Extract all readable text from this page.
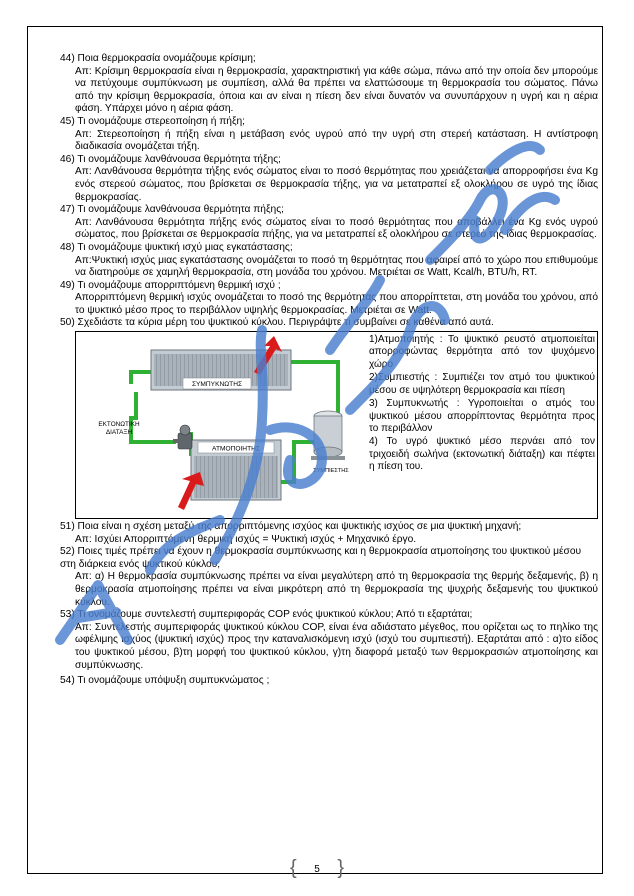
44) Ποια θερμοκρασία ονομάζουμε κρίσιμη;

Απ: Κρίσιμη θερμοκρασία είναι η θερμοκρασία, χαρακτηριστική για κάθε σώμα, πάνω από την οποία δεν μπορούμε να πετύχουμε συμπύκνωση με συμπίεση, αλλά θα πρέπει να ελαττώσουμε τη θερμοκρασία του σώματος. Πάνω από την κρίσιμη θερμοκρασία, όποια και αν είναι η πίεση δεν είναι δυνατόν να συνυπάρχουν η υγρή και η αέρια φάση. Υπάρχει μόνο η αέρια φάση.

45) Τι ονομάζουμε στερεοποίηση ή πήξη;

Απ: Στερεοποίηση ή πήξη είναι η μετάβαση ενός υγρού από την υγρή στη στερεή κατάσταση. Η αντίστροφη διαδικασία ονομάζεται τήξη.

46) Τι ονομάζουμε λανθάνουσα θερμότητα τήξης;

Απ: Λανθάνουσα θερμότητα τήξης ενός σώματος είναι το ποσό θερμότητας που χρειάζεται να απορροφήσει ένα Kg ενός στερεού σώματος, που βρίσκεται σε θερμοκρασία τήξης, για να μετατραπεί εξ ολοκλήρου σε υγρό της ίδιας θερμοκρασίας.

47) Τι ονομάζουμε λανθάνουσα θερμότητα πήξης;

Απ: Λανθάνουσα θερμότητα πήξης ενός σώματος είναι το ποσό θερμότητας που αποβάλλει ένα Kg ενός υγρού σώματος, που βρίσκεται σε θερμοκρασία πήξης, για να μετατραπεί εξ ολοκλήρου σε στερεό της ίδιας θερμοκρασίας.

48) Τι ονομάζουμε ψυκτική ισχύ μιας εγκατάστασης;

Απ:Ψυκτική ισχύς μιας εγκατάστασης ονομάζεται το ποσό τη θερμότητας που αφαιρεί από το χώρο που επιθυμούμε να διατηρούμε σε χαμηλή θερμοκρασία, στη μονάδα του χρόνου. Μετριέται σε Watt, Kcal/h, BTU/h, RT.

49) Τι ονομάζουμε απορριπτόμενη θερμική ισχύ ;

Απορριπτόμενη θερμική ισχύς ονομάζεται το ποσό της θερμότητας που απορρίπτεται, στη μονάδα του χρόνου, από το ψυκτικό μέσο προς το περιβάλλον υψηλής θερμοκρασίας. Μετριέται σε Watt.

50) Σχεδιάστε τα κύρια μέρη του ψυκτικού κύκλου. Περιγράψτε τι συμβαίνει σε καθένα από αυτά.

ΣΥΜΠΥΚΝΩΤΗΣ
ΑΤΜΟΠΟΙΗΤΗΣ
ΣΥΜΠΙΕΣΤΗΣ
ΕΚΤΟΝΩΤΙΚΗ
ΔΙΑΤΑΞΗ

1)Ατμοποιητής : Το ψυκτικό ρευστό ατμοποιείται απορροφώντας θερμότητα από τον ψυχόμενο χώρο

2)Συμπιεστής : Συμπιέζει τον ατμό του ψυκτικού μέσου σε υψηλότερη θερμοκρασία και πίεση

3) Συμπυκνωτής : Υγροποιείται ο ατμός του ψυκτικού μέσου απορρίπτοντας θερμότητα προς το περιβάλλον

4) Το υγρό ψυκτικό μέσο περνάει από τον τριχοειδή σωλήνα (εκτονωτική διάταξη) και πέφτει η πίεση του.

51) Ποια είναι η σχέση μεταξύ της απορριπτόμενης ισχύος και ψυκτικής ισχύος σε μια ψυκτική μηχανή;

Απ: Ισχύει Απορριπτόμενη θερμική ισχύς = Ψυκτική ισχύς + Μηχανικό έργο.

52) Ποιες τιμές πρέπει να έχουν η θερμοκρασία συμπύκνωσης και η θερμοκρασία ατμοποίησης του ψυκτικού μέσου στη διάρκεια ενός ψυκτικού κύκλου;

Απ: α) Η θερμοκρασία συμπύκνωσης πρέπει να είναι μεγαλύτερη από τη θερμοκρασία της θερμής δεξαμενής, β) η θερμοκρασία ατμοποίησης πρέπει να είναι μικρότερη από τη θερμοκρασία της ψυχρής δεξαμενής του ψυκτικού κύκλου.

53) Τι ονομάζουμε συντελεστή συμπεριφοράς COP ενός ψυκτικού κύκλου; Από τι εξαρτάται;

Απ: Συντελεστής συμπεριφοράς ψυκτικού κύκλου COP, είναι ένα αδιάστατο μέγεθος, που ορίζεται ως το πηλίκο της ωφέλιμης ισχύος (ψυκτική ισχύς) προς την καταναλισκόμενη ισχύ (ισχύ του συμπιεστή). Εξαρτάται από : α)το είδος του ψυκτικού μέσου, β)τη μορφή του ψυκτικού κύκλου, γ)τη διαφορά μεταξύ των θερμοκρασιών ατμοποίησης και συμπύκνωσης.

54) Τι ονομάζουμε υπόψυξη συμπυκνώματος ;

{	5 }
